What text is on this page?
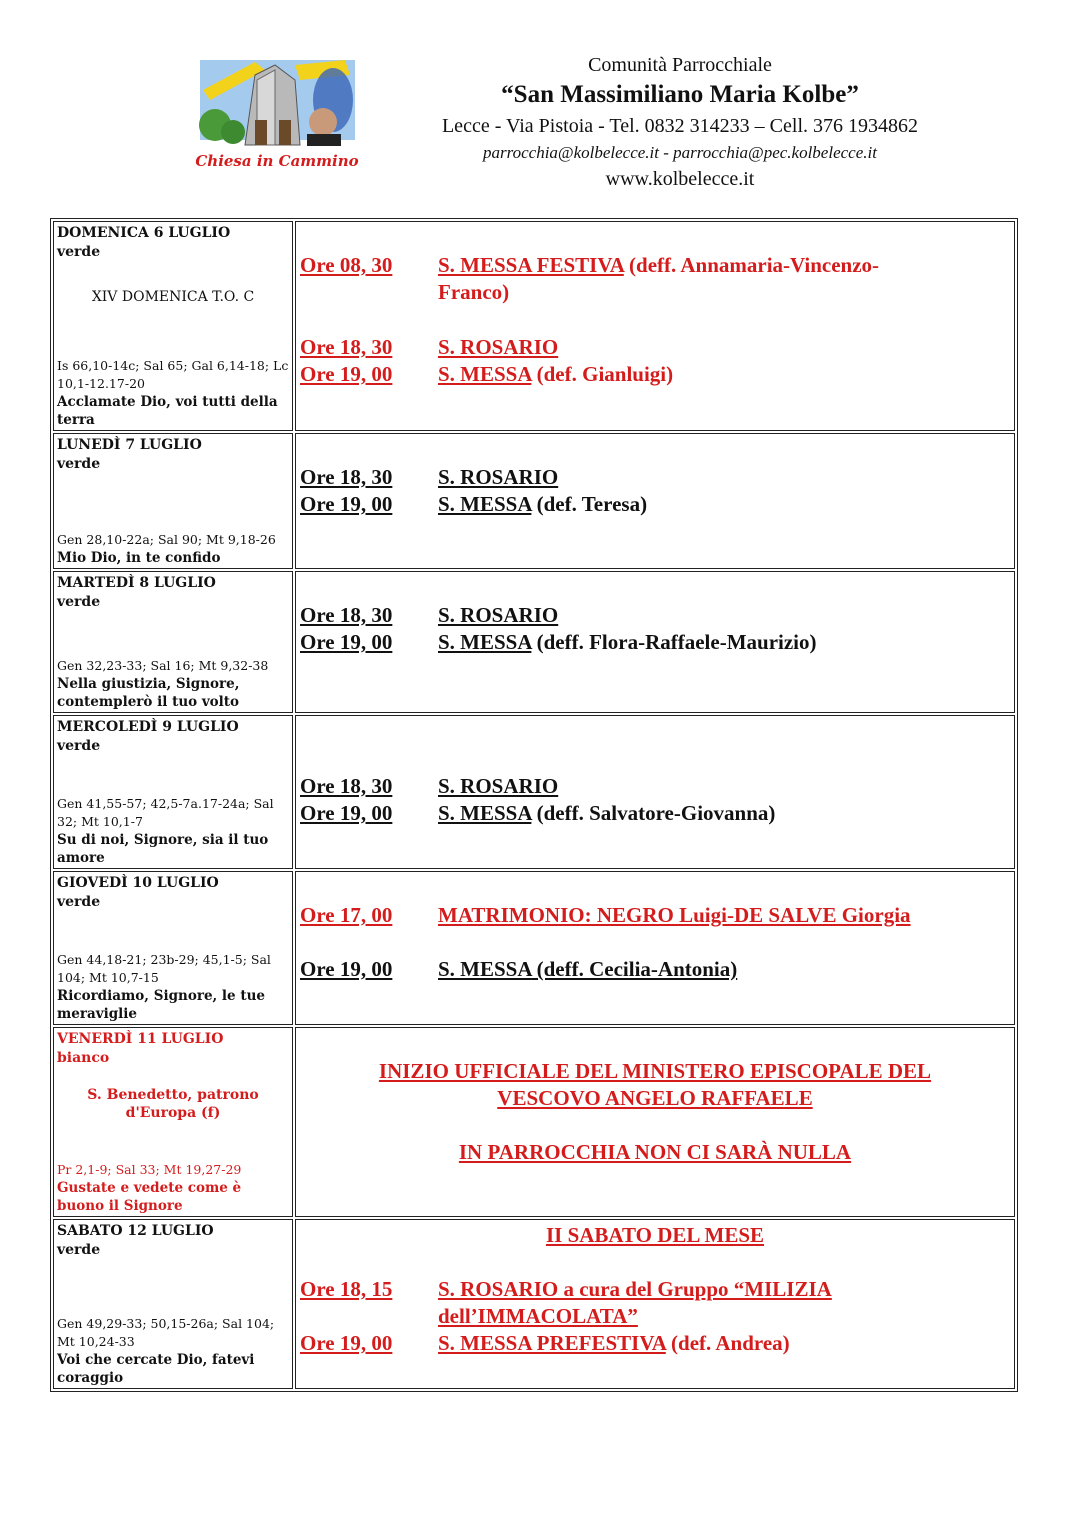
Chiesa in Cammino
Comunità Parrocchiale
“San Massimiliano Maria Kolbe”
Lecce - Via Pistoia - Tel. 0832 314233 – Cell. 376 1934862
parrocchia@kolbelecce.it - parrocchia@pec.kolbelecce.it
www.kolbelecce.it
DOMENICA 6 LUGLIO
verde
XIV DOMENICA T.O. C
Is 66,10-14c; Sal 65; Gal 6,14-18; Lc 10,1-12.17-20
Acclamate Dio, voi tutti della terra
Ore 08, 30	S. MESSA FESTIVA (deff. Annamaria-Vincenzo-
Franco)
Ore 18, 30	S. ROSARIO
Ore 19, 00	S. MESSA (def. Gianluigi)
LUNEDÌ 7 LUGLIO
verde
Gen 28,10-22a; Sal 90; Mt 9,18-26
Mio Dio, in te confido
Ore 18, 30	S. ROSARIO
Ore 19, 00	S. MESSA (def. Teresa)
MARTEDÌ 8 LUGLIO
verde
Gen 32,23-33; Sal 16; Mt 9,32-38
Nella giustizia, Signore, contemplerò il tuo volto
Ore 18, 30	S. ROSARIO
Ore 19, 00	S. MESSA (deff. Flora-Raffaele-Maurizio)
MERCOLEDÌ 9 LUGLIO
verde
Gen 41,55-57; 42,5-7a.17-24a; Sal 32; Mt 10,1-7
Su di noi, Signore, sia il tuo amore
Ore 18, 30	S. ROSARIO
Ore 19, 00	S. MESSA (deff. Salvatore-Giovanna)
GIOVEDÌ 10 LUGLIO
verde
Gen 44,18-21; 23b-29; 45,1-5; Sal 104; Mt 10,7-15
Ricordiamo, Signore, le tue meraviglie
Ore 17, 00	MATRIMONIO: NEGRO Luigi-DE SALVE Giorgia
Ore 19, 00	S. MESSA (deff. Cecilia-Antonia)
VENERDÌ 11 LUGLIO
bianco
S. Benedetto, patrono d'Europa (f)
Pr 2,1-9; Sal 33; Mt 19,27-29
Gustate e vedete come è buono il Signore
INIZIO UFFICIALE DEL MINISTERO EPISCOPALE DEL
VESCOVO ANGELO RAFFAELE
IN PARROCCHIA NON CI SARÀ NULLA
SABATO 12 LUGLIO
verde
Gen 49,29-33; 50,15-26a; Sal 104; Mt 10,24-33
Voi che cercate Dio, fatevi coraggio
II SABATO DEL MESE
Ore 18, 15	S. ROSARIO a cura del Gruppo “MILIZIA
dell’IMMACOLATA”
Ore 19, 00	S. MESSA PREFESTIVA (def. Andrea)
